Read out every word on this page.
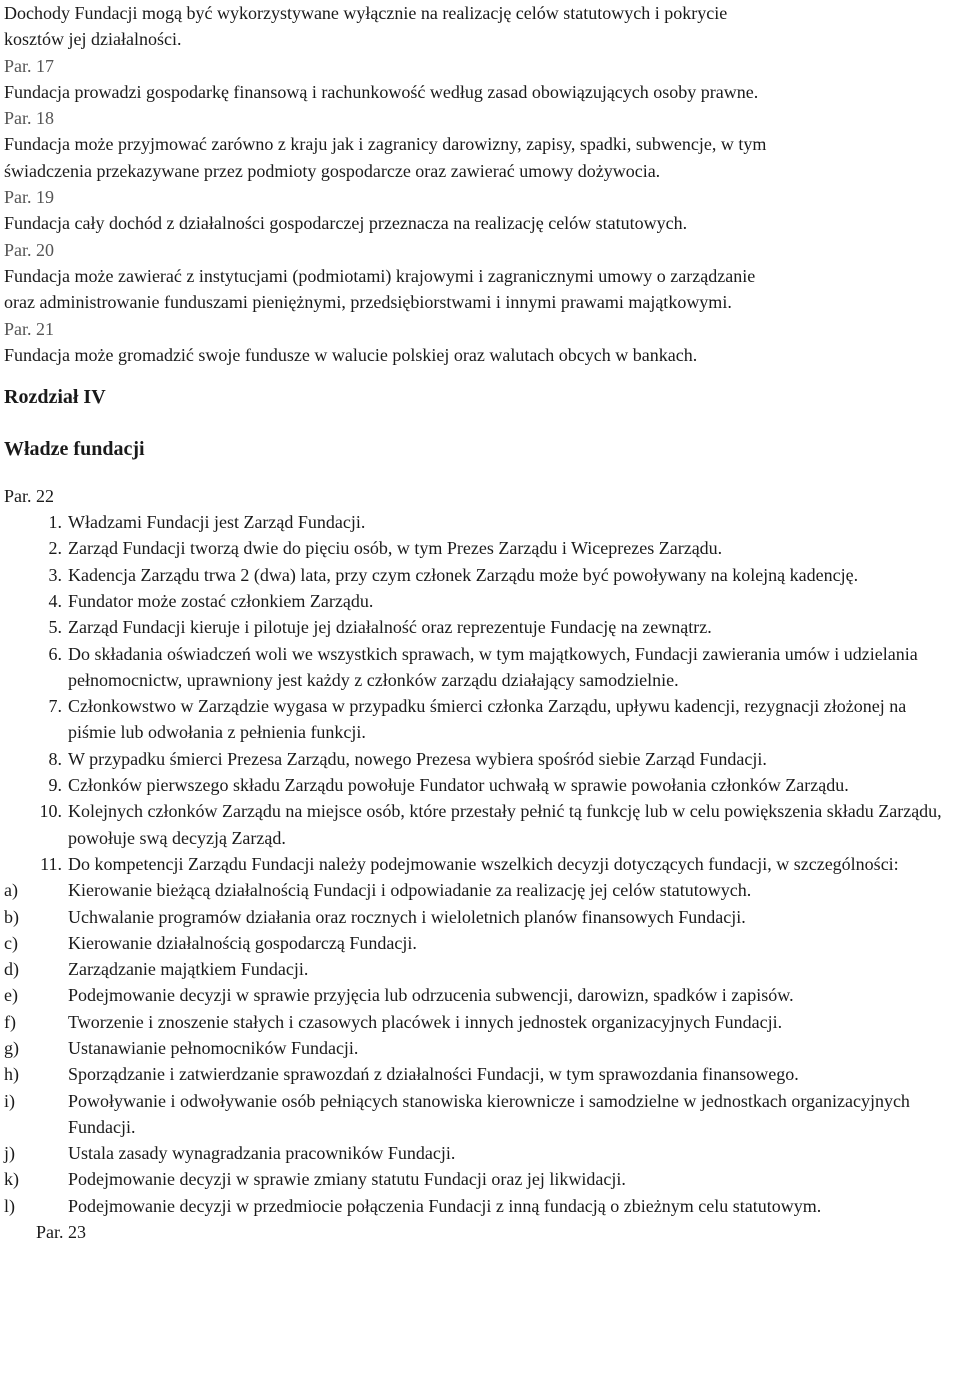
Dochody Fundacji mogą być wykorzystywane wyłącznie na realizację celów statutowych i pokrycie

kosztów jej działalności.

Par. 17

Fundacja prowadzi gospodarkę finansową i rachunkowość według zasad obowiązujących osoby prawne.

Par. 18

Fundacja może przyjmować zarówno z kraju jak i zagranicy darowizny, zapisy, spadki, subwencje, w tym

świadczenia przekazywane przez podmioty gospodarcze oraz zawierać umowy dożywocia.

Par. 19

Fundacja cały dochód z działalności gospodarczej przeznacza na realizację celów statutowych.

Par. 20

Fundacja może zawierać z instytucjami (podmiotami) krajowymi i zagranicznymi umowy o zarządzanie

oraz administrowanie funduszami pieniężnymi, przedsiębiorstwami i innymi prawami majątkowymi.

Par. 21

Fundacja może gromadzić swoje fundusze w walucie polskiej oraz walutach obcych w bankach.

Rozdział IV
Władze fundacji

Par. 22

1. Władzami Fundacji jest Zarząd Fundacji.
2. Zarząd Fundacji tworzą dwie do pięciu osób, w tym Prezes Zarządu i Wiceprezes Zarządu.
3. Kadencja Zarządu trwa 2 (dwa) lata, przy czym członek Zarządu może być powoływany na kolejną kadencję.
4. Fundator może zostać członkiem Zarządu.
5. Zarząd Fundacji kieruje i pilotuje jej działalność oraz reprezentuje Fundację na zewnątrz.
6. Do składania oświadczeń woli we wszystkich sprawach, w tym majątkowych, Fundacji zawierania umów i udzielania pełnomocnictw, uprawniony jest każdy z członków zarządu działający samodzielnie.
7. Członkowstwo w Zarządzie wygasa w przypadku śmierci członka Zarządu, upływu kadencji, rezygnacji złożonej na piśmie lub odwołania z pełnienia funkcji.
8. W przypadku śmierci Prezesa Zarządu, nowego Prezesa wybiera spośród siebie Zarząd Fundacji.
9. Członków pierwszego składu Zarządu powołuje Fundator uchwałą w sprawie powołania członków Zarządu.
10. Kolejnych członków Zarządu na miejsce osób, które przestały pełnić tą funkcję lub w celu powiększenia składu Zarządu, powołuje swą decyzją Zarząd.
11. Do kompetencji Zarządu Fundacji należy podejmowanie wszelkich decyzji dotyczących fundacji, w szczególności:
a)	Kierowanie bieżącą działalnością Fundacji i odpowiadanie za realizację jej celów statutowych.
b)	Uchwalanie programów działania oraz rocznych i wieloletnich planów finansowych Fundacji.
c)	Kierowanie działalnością gospodarczą Fundacji.
d)	Zarządzanie majątkiem Fundacji.
e)	Podejmowanie decyzji w sprawie przyjęcia lub odrzucenia subwencji, darowizn, spadków i zapisów.
f)	Tworzenie i znoszenie stałych i czasowych placówek i innych jednostek organizacyjnych Fundacji.
g)	Ustanawianie pełnomocników Fundacji.
h)	Sporządzanie i zatwierdzanie sprawozdań z działalności Fundacji, w tym sprawozdania finansowego.
i)	Powoływanie i odwoływanie osób pełniących stanowiska kierownicze i samodzielne w jednostkach organizacyjnych Fundacji.
j)	Ustala zasady wynagradzania pracowników Fundacji.
k)	Podejmowanie decyzji w sprawie zmiany statutu Fundacji oraz jej likwidacji.
l)	Podejmowanie decyzji w przedmiocie połączenia Fundacji z inną fundacją o zbieżnym celu statutowym.

Par. 23
